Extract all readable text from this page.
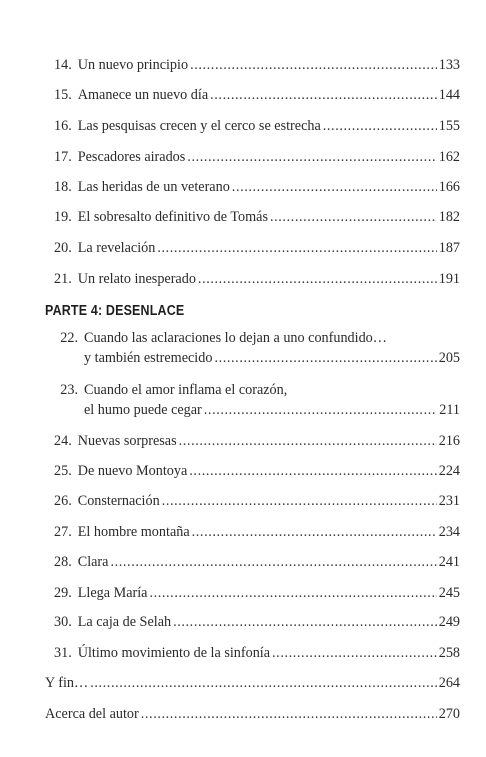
14. Un nuevo principio .....	133
15. Amanece un nuevo día .....	144
16. Las pesquisas crecen y el cerco se estrecha .....	155
17. Pescadores airados .....	162
18. Las heridas de un veterano .....	166
19. El sobresalto definitivo de Tomás .....	182
20. La revelación .....	187
21. Un relato inesperado .....	191
PARTE 4: DESENLACE
22. Cuando las aclaraciones lo dejan a uno confundido…
y también estremecido .....	205
23. Cuando el amor inflama el corazón,
el humo puede cegar .....	211
24. Nuevas sorpresas .....	216
25. De nuevo Montoya .....	224
26. Consternación .....	231
27. El hombre montaña .....	234
28. Clara .....	241
29. Llega María .....	245
30. La caja de Selah .....	249
31. Último movimiento de la sinfonía .....	258
Y fin… .....	264
Acerca del autor .....	270
